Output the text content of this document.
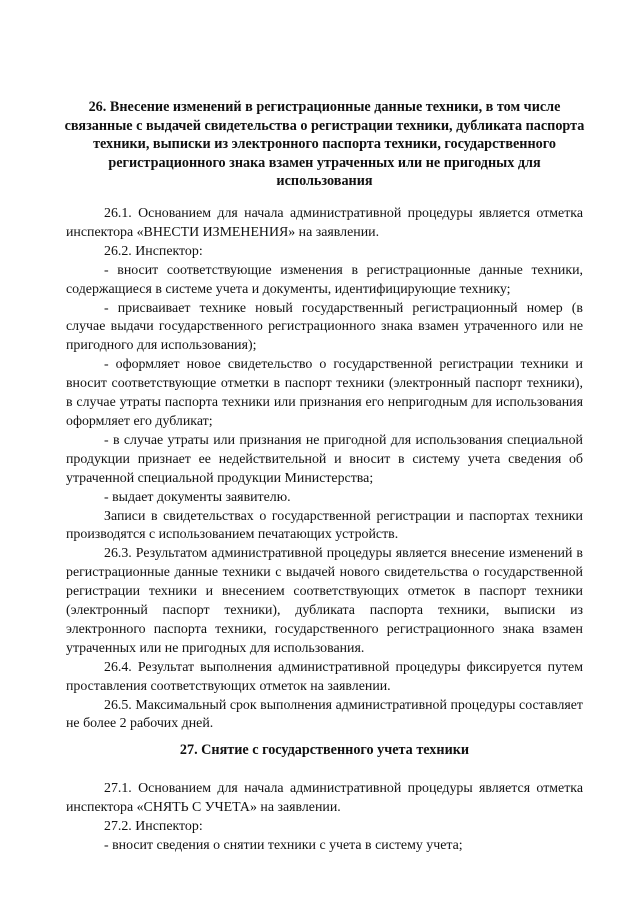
26. Внесение изменений в регистрационные данные техники, в том числе связанные с выдачей свидетельства о регистрации техники, дубликата паспорта техники, выписки из электронного паспорта техники, государственного регистрационного знака взамен утраченных или не пригодных для использования

26.1. Основанием для начала административной процедуры является отметка инспектора «ВНЕСТИ ИЗМЕНЕНИЯ» на заявлении.

26.2. Инспектор:

- вносит соответствующие изменения в регистрационные данные техники, содержащиеся в системе учета и документы, идентифицирующие технику;

- присваивает технике новый государственный регистрационный номер (в случае выдачи государственного регистрационного знака взамен утраченного или не пригодного для использования);

- оформляет новое свидетельство о государственной регистрации техники и вносит соответствующие отметки в паспорт техники (электронный паспорт техники), в случае утраты паспорта техники или признания его непригодным для использования оформляет его дубликат;

- в случае утраты или признания не пригодной для использования специальной продукции признает ее недействительной и вносит в систему учета сведения об утраченной специальной продукции Министерства;

- выдает документы заявителю.

Записи в свидетельствах о государственной регистрации и паспортах техники производятся с использованием печатающих устройств.

26.3. Результатом административной процедуры является внесение изменений в регистрационные данные техники с выдачей нового свидетельства о государственной регистрации техники и внесением соответствующих отметок в паспорт техники (электронный паспорт техники), дубликата паспорта техники, выписки из электронного паспорта техники, государственного регистрационного знака взамен утраченных или не пригодных для использования.

26.4. Результат выполнения административной процедуры фиксируется путем проставления соответствующих отметок на заявлении.

26.5. Максимальный срок выполнения административной процедуры составляет не более 2 рабочих дней.

27. Снятие с государственного учета техники

27.1. Основанием для начала административной процедуры является отметка инспектора «СНЯТЬ С УЧЕТА» на заявлении.

27.2. Инспектор:

- вносит сведения о снятии техники с учета в систему учета;
